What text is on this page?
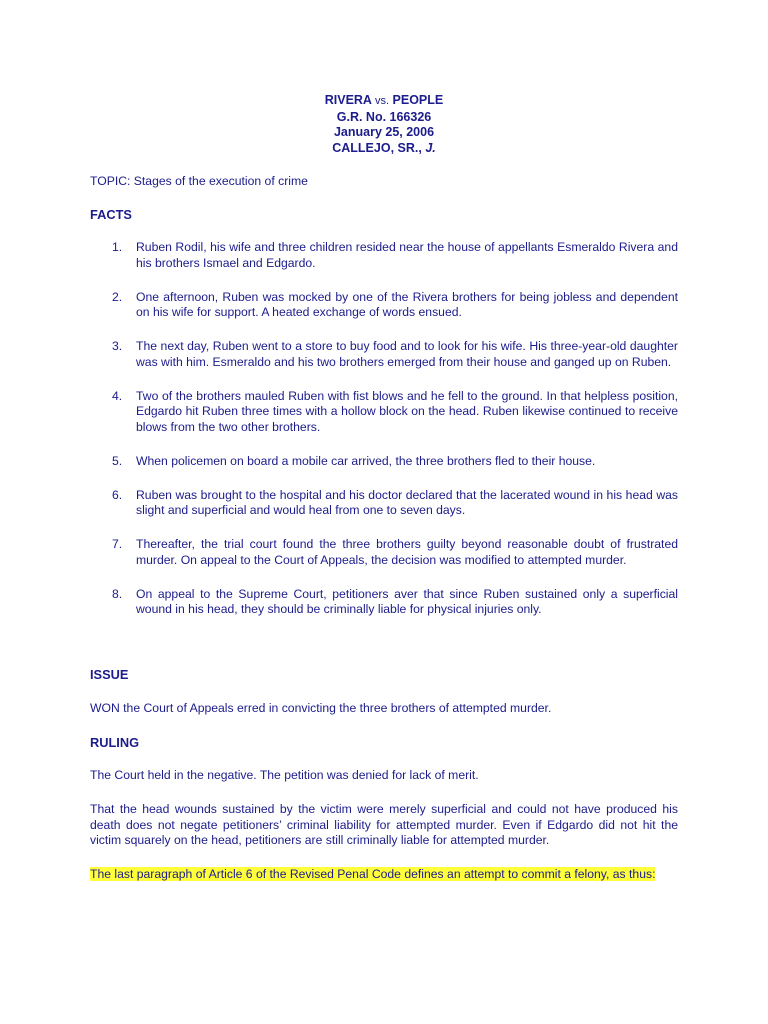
RIVERA vs. PEOPLE
G.R. No. 166326
January 25, 2006
CALLEJO, SR., J.
TOPIC: Stages of the execution of crime
FACTS
1. Ruben Rodil, his wife and three children resided near the house of appellants Esmeraldo Rivera and his brothers Ismael and Edgardo.
2. One afternoon, Ruben was mocked by one of the Rivera brothers for being jobless and dependent on his wife for support. A heated exchange of words ensued.
3. The next day, Ruben went to a store to buy food and to look for his wife. His three-year-old daughter was with him. Esmeraldo and his two brothers emerged from their house and ganged up on Ruben.
4. Two of the brothers mauled Ruben with fist blows and he fell to the ground. In that helpless position, Edgardo hit Ruben three times with a hollow block on the head. Ruben likewise continued to receive blows from the two other brothers.
5. When policemen on board a mobile car arrived, the three brothers fled to their house.
6. Ruben was brought to the hospital and his doctor declared that the lacerated wound in his head was slight and superficial and would heal from one to seven days.
7. Thereafter, the trial court found the three brothers guilty beyond reasonable doubt of frustrated murder. On appeal to the Court of Appeals, the decision was modified to attempted murder.
8. On appeal to the Supreme Court, petitioners aver that since Ruben sustained only a superficial wound in his head, they should be criminally liable for physical injuries only.
ISSUE

WON the Court of Appeals erred in convicting the three brothers of attempted murder.

RULING

The Court held in the negative. The petition was denied for lack of merit.

That the head wounds sustained by the victim were merely superficial and could not have produced his death does not negate petitioners’ criminal liability for attempted murder. Even if Edgardo did not hit the victim squarely on the head, petitioners are still criminally liable for attempted murder.

The last paragraph of Article 6 of the Revised Penal Code defines an attempt to commit a felony, as thus:
